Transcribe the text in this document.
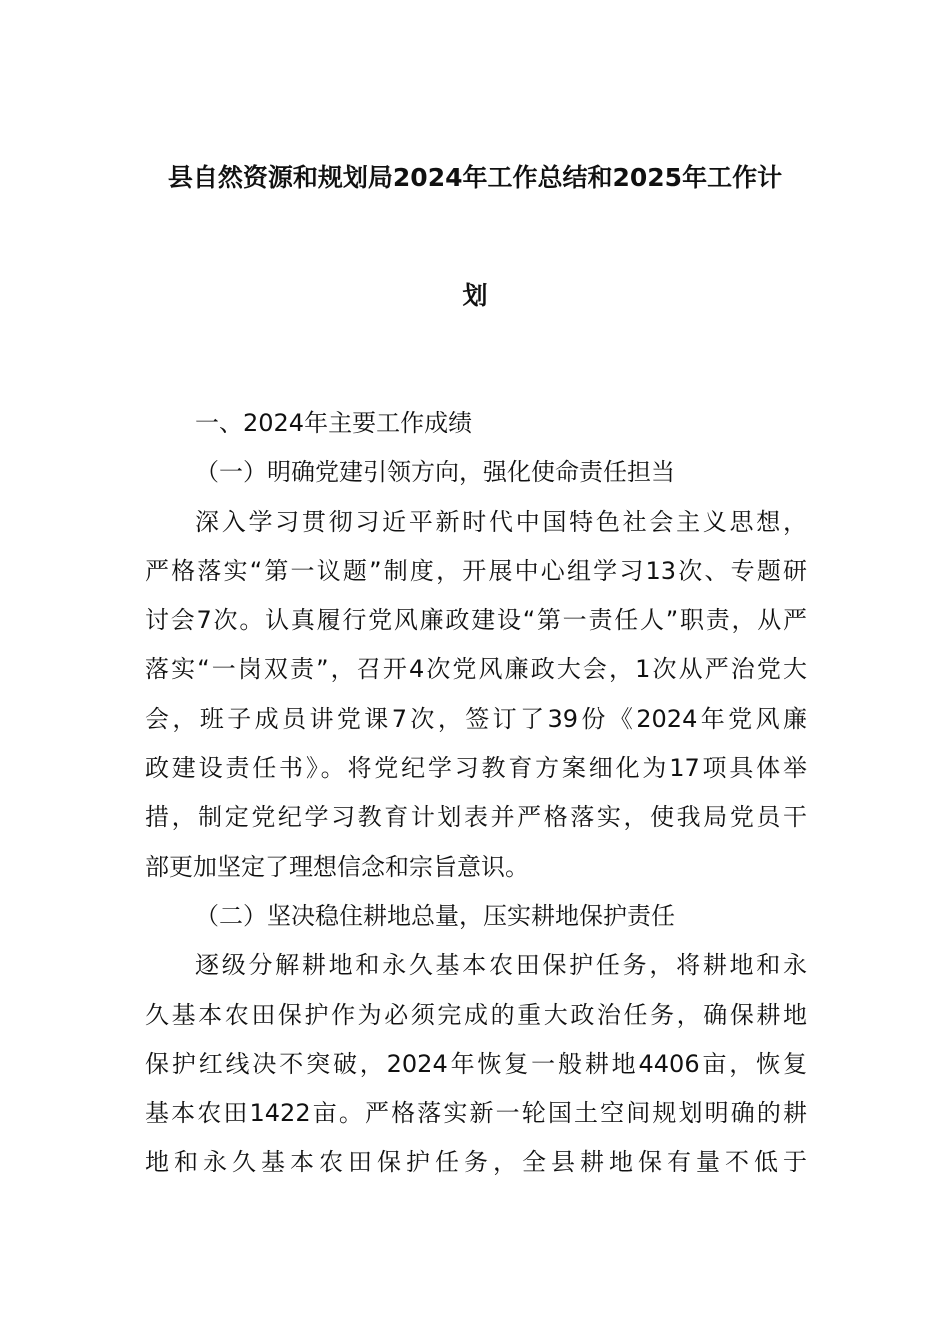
县自然资源和规划局2024年工作总结和2025年工作计
划

一、2024年主要工作成绩

（一）明确党建引领方向，强化使命责任担当

深入学习贯彻习近平新时代中国特色社会主义思想，
严格落实“第一议题”制度，开展中心组学习13次、专题研
讨会7次。认真履行党风廉政建设“第一责任人”职责，从严
落实“一岗双责”，召开4次党风廉政大会，1次从严治党大
会，班子成员讲党课7次，签订了39份《2024年党风廉
政建设责任书》。将党纪学习教育方案细化为17项具体举
措，制定党纪学习教育计划表并严格落实，使我局党员干
部更加坚定了理想信念和宗旨意识。

（二）坚决稳住耕地总量，压实耕地保护责任

逐级分解耕地和永久基本农田保护任务，将耕地和永
久基本农田保护作为必须完成的重大政治任务，确保耕地
保护红线决不突破，2024年恢复一般耕地4406亩，恢复
基本农田1422亩。严格落实新一轮国土空间规划明确的耕
地和永久基本农田保护任务，全县耕地保有量不低于
